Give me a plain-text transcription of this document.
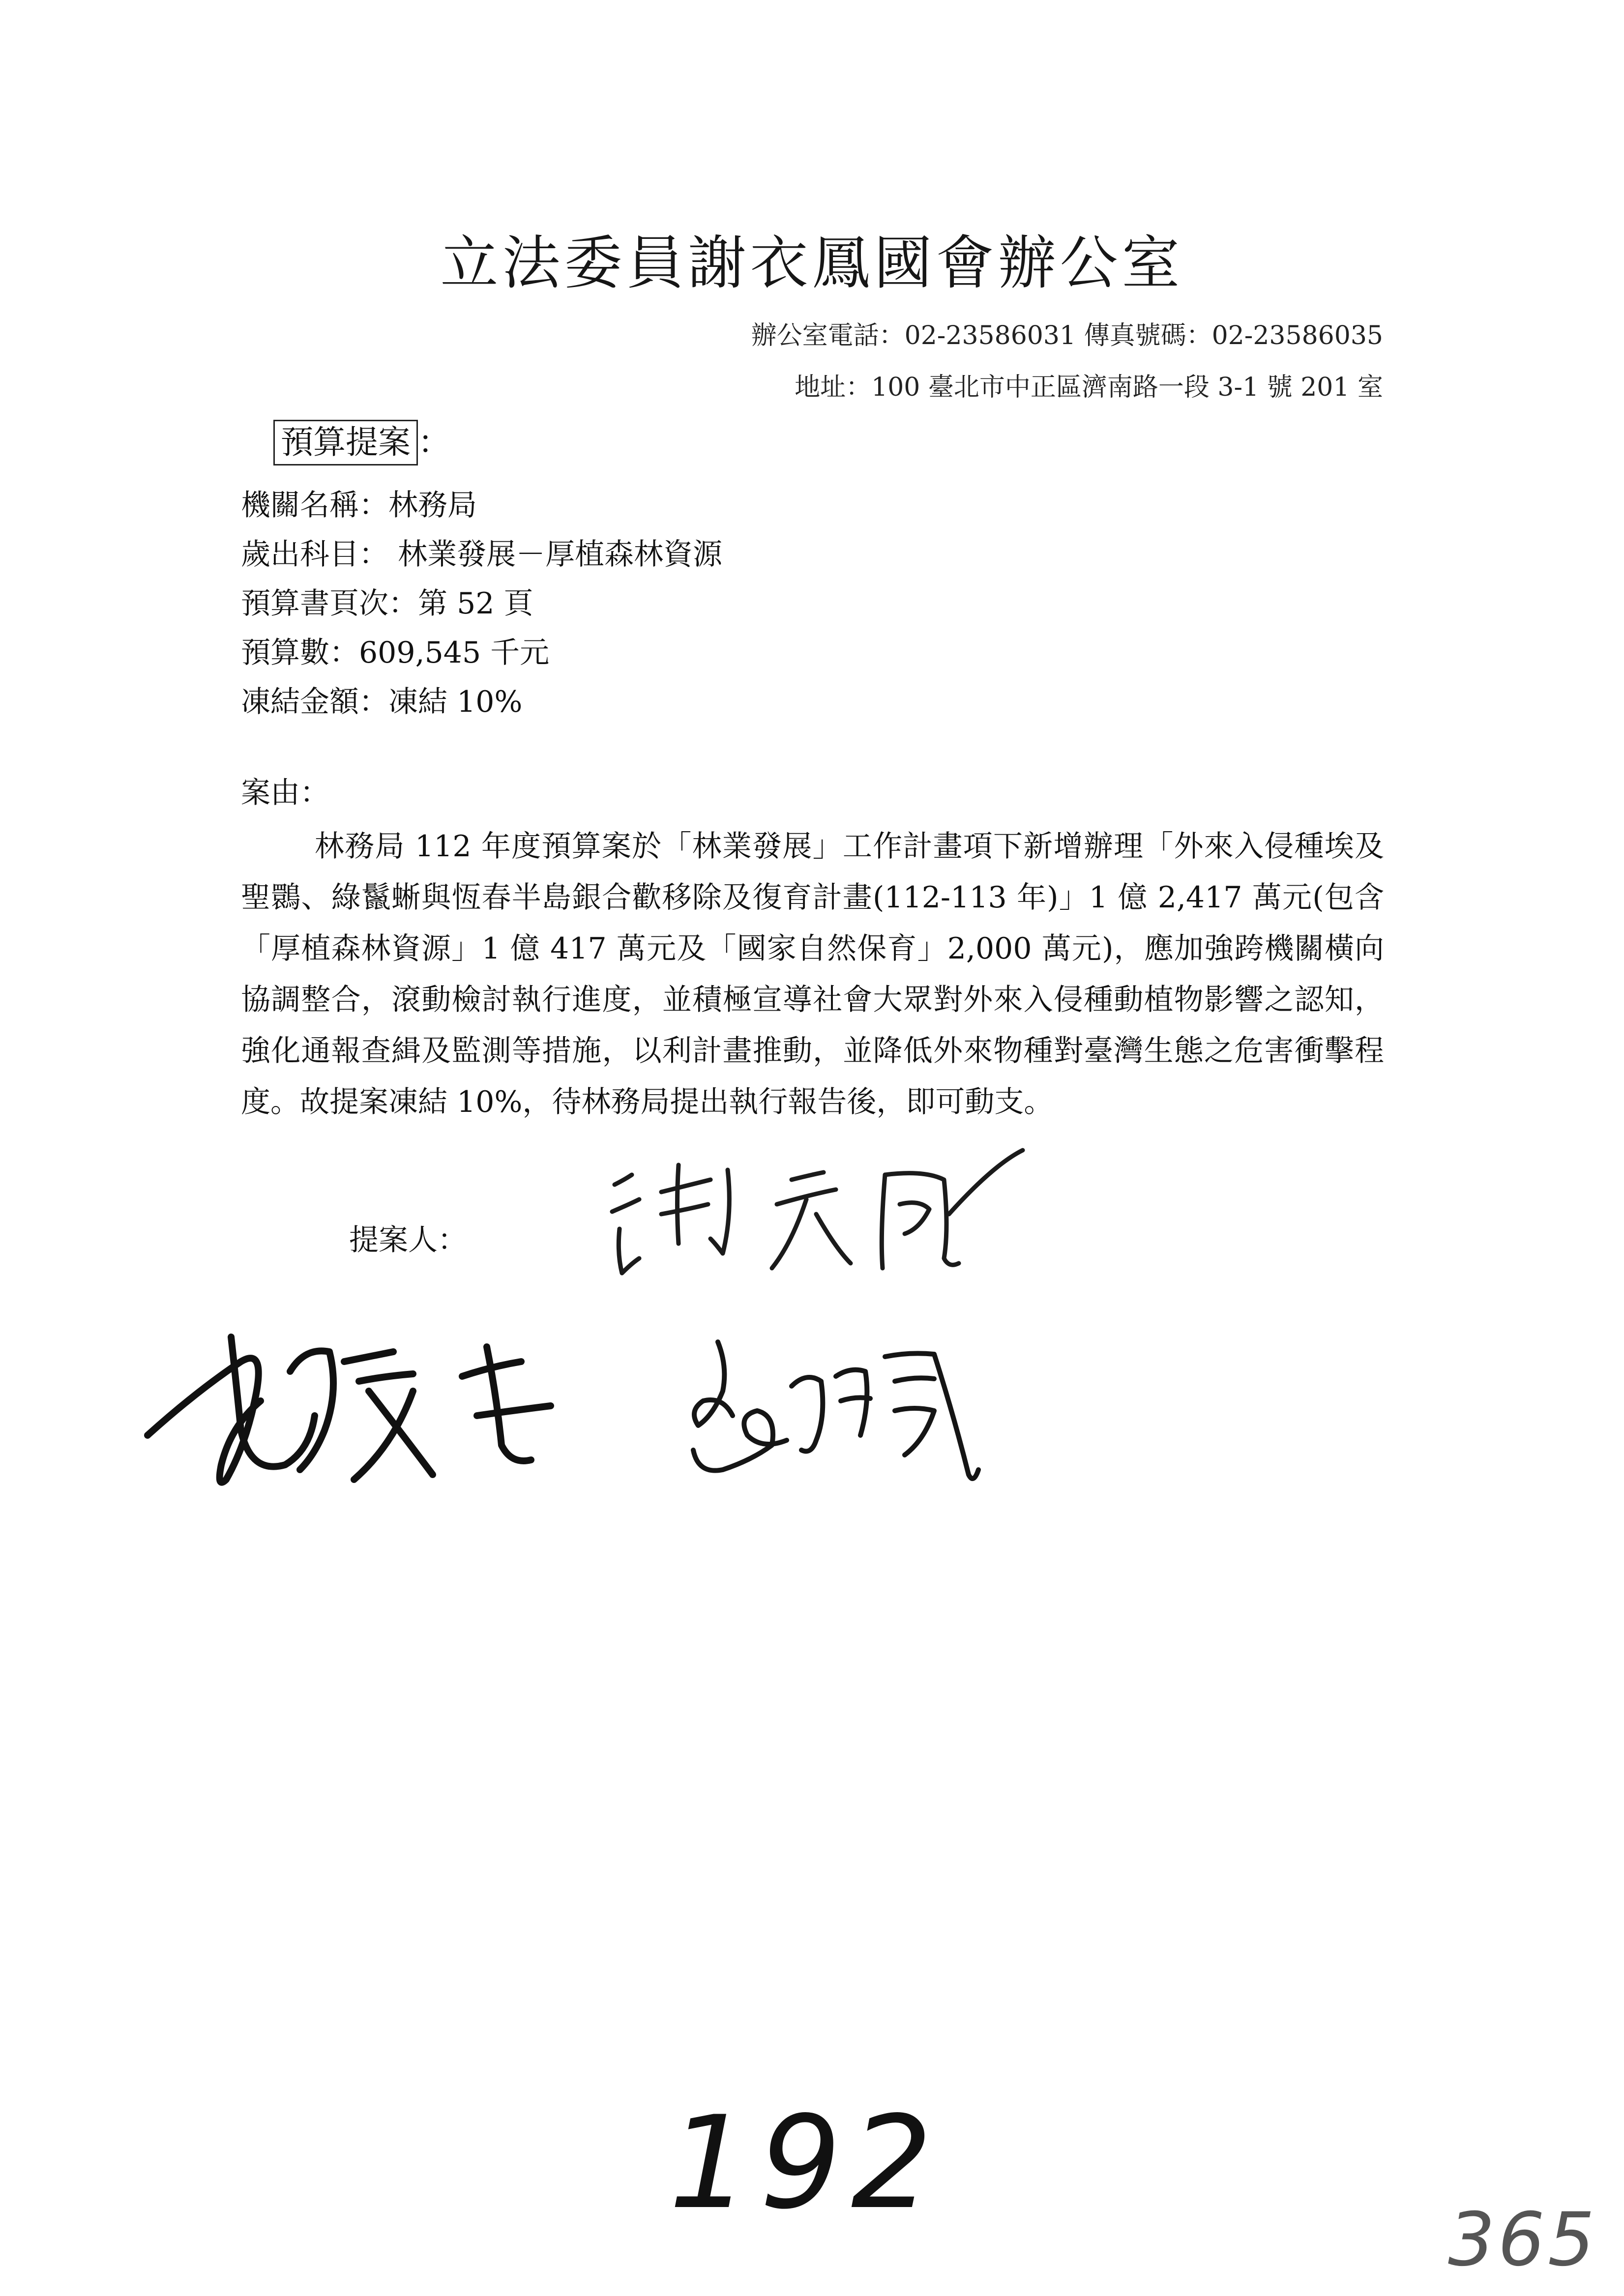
立法委員謝衣鳳國會辦公室
辦公室電話：02-23586031 傳真號碼：02-23586035
地址：100 臺北市中正區濟南路一段 3-1 號 201 室
預算提案 ：
機關名稱：林務局
歲出科目： 林業發展－厚植森林資源
預算書頁次：第 52 頁
預算數：609,545 千元
凍結金額：凍結 10%
案由：
林務局 112 年度預算案於「林業發展」工作計畫項下新增辦理「外來入侵種埃及聖䴉、綠鬣蜥與恆春半島銀合歡移除及復育計畫(112-113 年)」1 億 2,417 萬元(包含「厚植森林資源」1 億 417 萬元及「國家自然保育」2,000 萬元)，應加強跨機關橫向協調整合，滾動檢討執行進度，並積極宣導社會大眾對外來入侵種動植物影響之認知，強化通報查緝及監測等措施，以利計畫推動，並降低外來物種對臺灣生態之危害衝擊程度。故提案凍結 10%，待林務局提出執行報告後，即可動支。
提案人：
192
365
